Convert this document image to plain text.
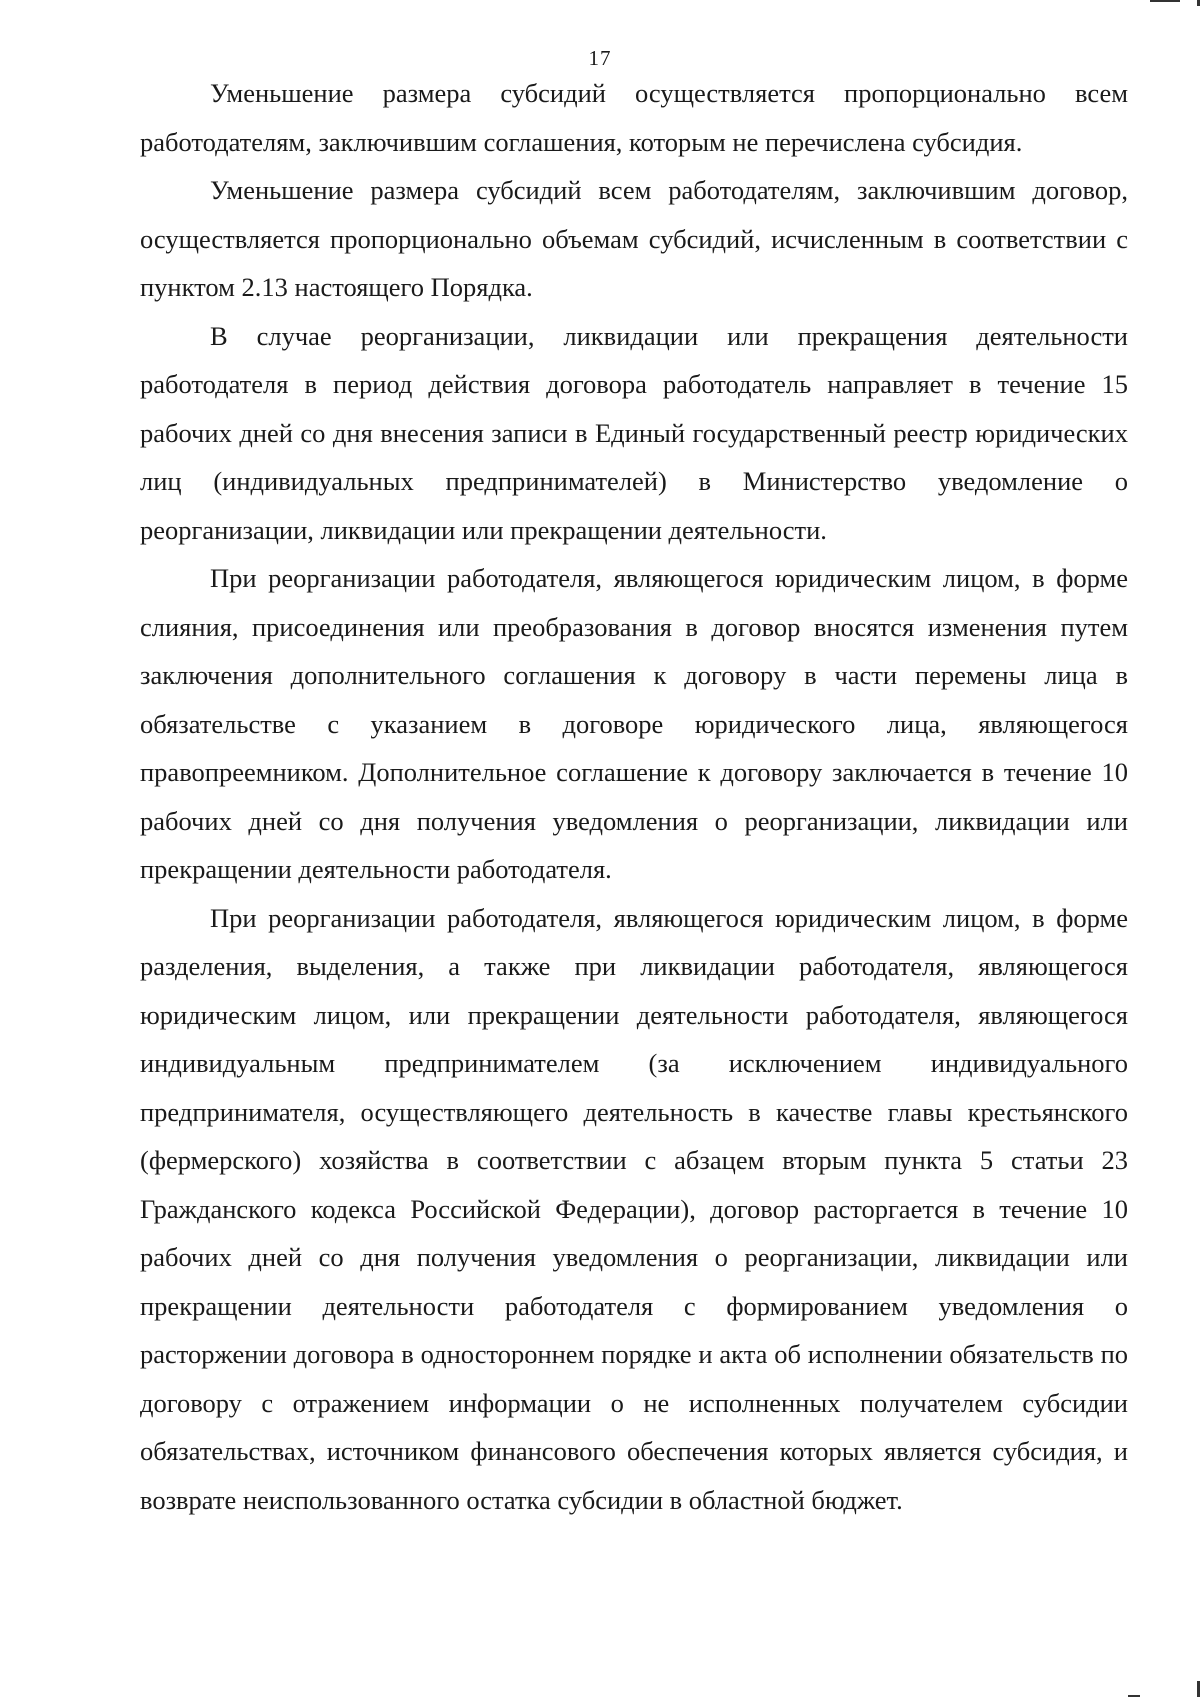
17

Уменьшение размера субсидий осуществляется пропорционально всем работодателям, заключившим соглашения, которым не перечислена субсидия.

Уменьшение размера субсидий всем работодателям, заключившим договор, осуществляется пропорционально объемам субсидий, исчисленным в соответствии с пунктом 2.13 настоящего Порядка.

В случае реорганизации, ликвидации или прекращения деятельности работодателя в период действия договора работодатель направляет в течение 15 рабочих дней со дня внесения записи в Единый государственный реестр юридических лиц (индивидуальных предпринимателей) в Министерство уведомление о реорганизации, ликвидации или прекращении деятельности.

При реорганизации работодателя, являющегося юридическим лицом, в форме слияния, присоединения или преобразования в договор вносятся изменения путем заключения дополнительного соглашения к договору в части перемены лица в обязательстве с указанием в договоре юридического лица, являющегося правопреемником. Дополнительное соглашение к договору заключается в течение 10 рабочих дней со дня получения уведомления о реорганизации, ликвидации или прекращении деятельности работодателя.

При реорганизации работодателя, являющегося юридическим лицом, в форме разделения, выделения, а также при ликвидации работодателя, являющегося юридическим лицом, или прекращении деятельности работодателя, являющегося индивидуальным предпринимателем (за исключением индивидуального предпринимателя, осуществляющего деятельность в качестве главы крестьянского (фермерского) хозяйства в соответствии с абзацем вторым пункта 5 статьи 23 Гражданского кодекса Российской Федерации), договор расторгается в течение 10 рабочих дней со дня получения уведомления о реорганизации, ликвидации или прекращении деятельности работодателя с формированием уведомления о расторжении договора в одностороннем порядке и акта об исполнении обязательств по договору с отражением информации о не исполненных получателем субсидии обязательствах, источником финансового обеспечения которых является субсидия, и возврате неиспользованного остатка субсидии в областной бюджет.
